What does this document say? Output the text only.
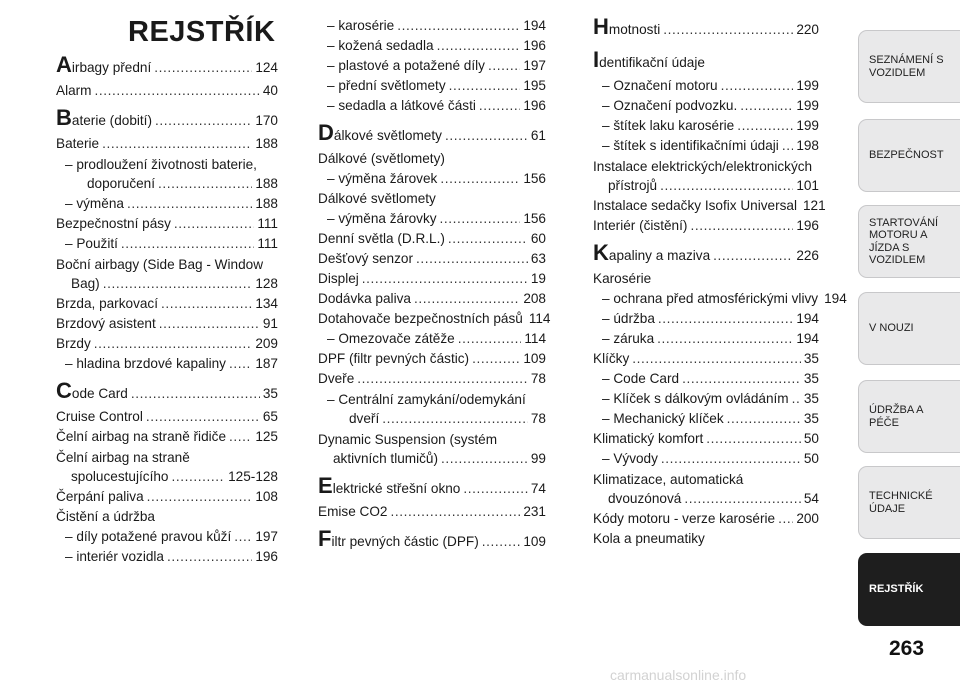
REJSTŘÍK
Airbagy přední .....	124
Alarm .....	40
Baterie (dobití) .....	170
Baterie .....	188
– prodloužení životnosti baterie,
doporučení .....	188
– výměna .....	188
Bezpečnostní pásy .....	111
– Použití .....	111
Boční airbagy (Side Bag - Window
Bag) .....	128
Brzda, parkovací .....	134
Brzdový asistent .....	91
Brzdy .....	209
– hladina brzdové kapaliny ..... 187
Code Card .....	35
Cruise Control .....	65
Čelní airbag na straně řidiče ..... 125
Čelní airbag na straně
spolucestujícího .....	125-128
Čerpání paliva .....	108
Čistění a údržba
– díly potažené pravou kůží ..... 197
– interiér vozidla .....	196
– karosérie .....	194
– kožená sedadla .....	196
– plastové a potažené díly .....	197
– přední světlomety .....	195
– sedadla a látkové části .....	196
Dálkové světlomety .....	61
Dálkové (světlomety)
– výměna žárovek .....	156
Dálkové světlomety
– výměna žárovky .....	156
Denní světla (D.R.L.) .....	60
Dešťový senzor .....	63
Displej .....	19
Dodávka paliva .....	208
Dotahovače bezpečnostních pásů 114
– Omezovače zátěže .....	114
DPF (filtr pevných částic) .....	109
Dveře .....	78
– Centrální zamykání/odemykání
dveří .....	78
Dynamic Suspension (systém
aktivních tlumičů) .....	99
Elektrické střešní okno .....	74
Emise CO2 .....	231
Filtr pevných částic (DPF) .....	109
Hmotnosti .....	220
Identifikační údaje
– Označení motoru .....	199
– Označení podvozku. .....	199
– štítek laku karosérie .....	199
– štítek s identifikačními údaji ..... 198
Instalace elektrických/elektronických
přístrojů .....	101
Instalace sedačky Isofix Universal 121
Interiér (čistění) .....	196
Kapaliny a maziva .....	226
Karosérie
– ochrana před atmosférickými vlivy 194
– údržba .....	194
– záruka .....	194
Klíčky .....	35
– Code Card .....	35
– Klíček s dálkovým ovládáním ..... 35
– Mechanický klíček .....	35
Klimatický komfort .....	50
– Vývody .....	50
Klimatizace, automatická
dvouzónová .....	54
Kódy motoru - verze karosérie ..... 200
Kola a pneumatiky
SEZNÁMENÍ S VOZIDLEM
BEZPEČNOST
STARTOVÁNÍ MOTORU A JÍZDA S VOZIDLEM
V NOUZI
ÚDRŽBA A PÉČE
TECHNICKÉ ÚDAJE
REJSTŘÍK
263
carmanualsonline.info
